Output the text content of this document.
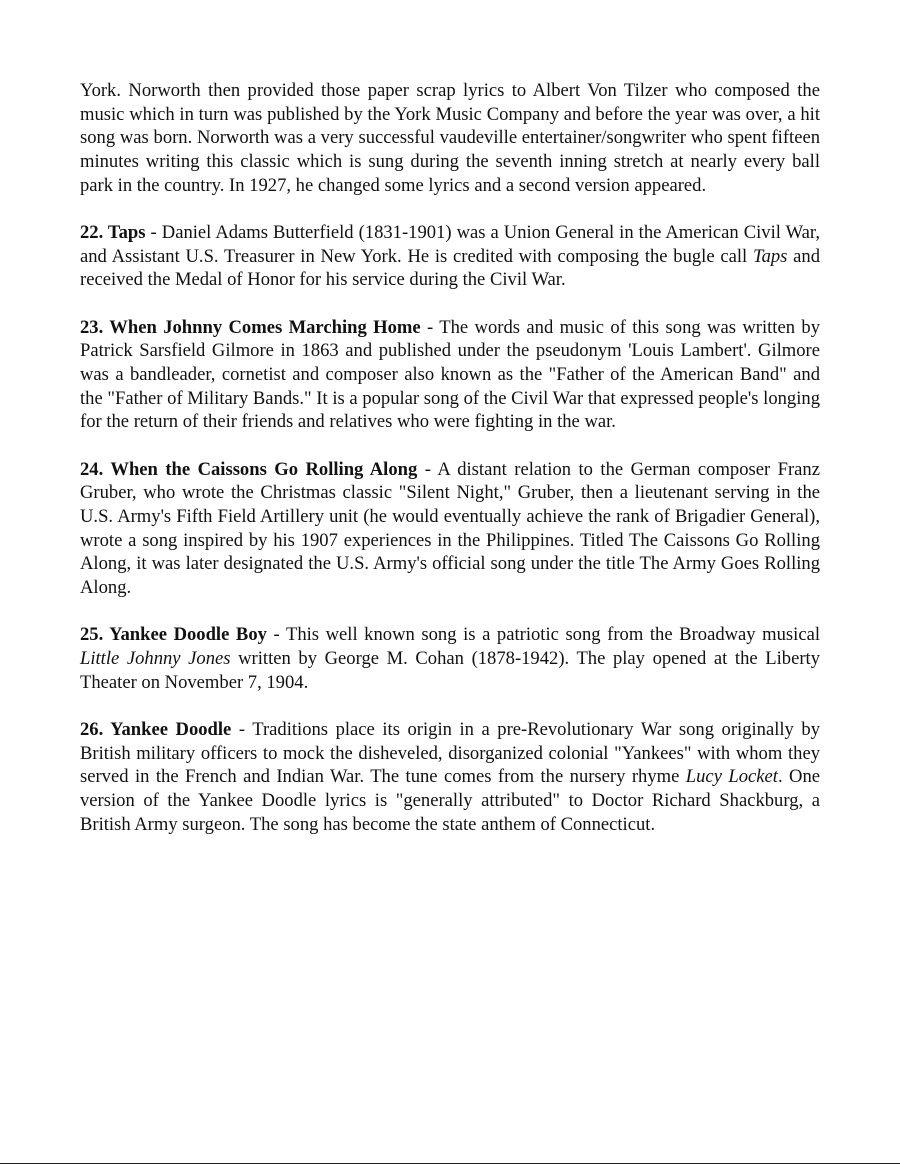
York. Norworth then provided those paper scrap lyrics to Albert Von Tilzer who composed the music which in turn was published by the York Music Company and before the year was over, a hit song was born. Norworth was a very successful vaudeville entertainer/songwriter who spent fifteen minutes writing this classic which is sung during the seventh inning stretch at nearly every ball park in the country. In 1927, he changed some lyrics and a second version appeared.

22. Taps - Daniel Adams Butterfield (1831-1901) was a Union General in the American Civil War, and Assistant U.S. Treasurer in New York. He is credited with composing the bugle call Taps and received the Medal of Honor for his service during the Civil War.

23. When Johnny Comes Marching Home - The words and music of this song was written by Patrick Sarsfield Gilmore in 1863 and published under the pseudonym 'Louis Lambert'. Gilmore was a bandleader, cornetist and composer also known as the "Father of the American Band" and the "Father of Military Bands." It is a popular song of the Civil War that expressed people's longing for the return of their friends and relatives who were fighting in the war.

24. When the Caissons Go Rolling Along - A distant relation to the German composer Franz Gruber, who wrote the Christmas classic "Silent Night," Gruber, then a lieutenant serving in the U.S. Army's Fifth Field Artillery unit (he would eventually achieve the rank of Brigadier General), wrote a song inspired by his 1907 experiences in the Philippines. Titled The Caissons Go Rolling Along, it was later designated the U.S. Army's official song under the title The Army Goes Rolling Along.

25. Yankee Doodle Boy - This well known song is a patriotic song from the Broadway musical Little Johnny Jones written by George M. Cohan (1878-1942). The play opened at the Liberty Theater on November 7, 1904.

26. Yankee Doodle - Traditions place its origin in a pre-Revolutionary War song originally by British military officers to mock the disheveled, disorganized colonial "Yankees" with whom they served in the French and Indian War. The tune comes from the nursery rhyme Lucy Locket. One version of the Yankee Doodle lyrics is "generally attributed" to Doctor Richard Shackburg, a British Army surgeon. The song has become the state anthem of Connecticut.
